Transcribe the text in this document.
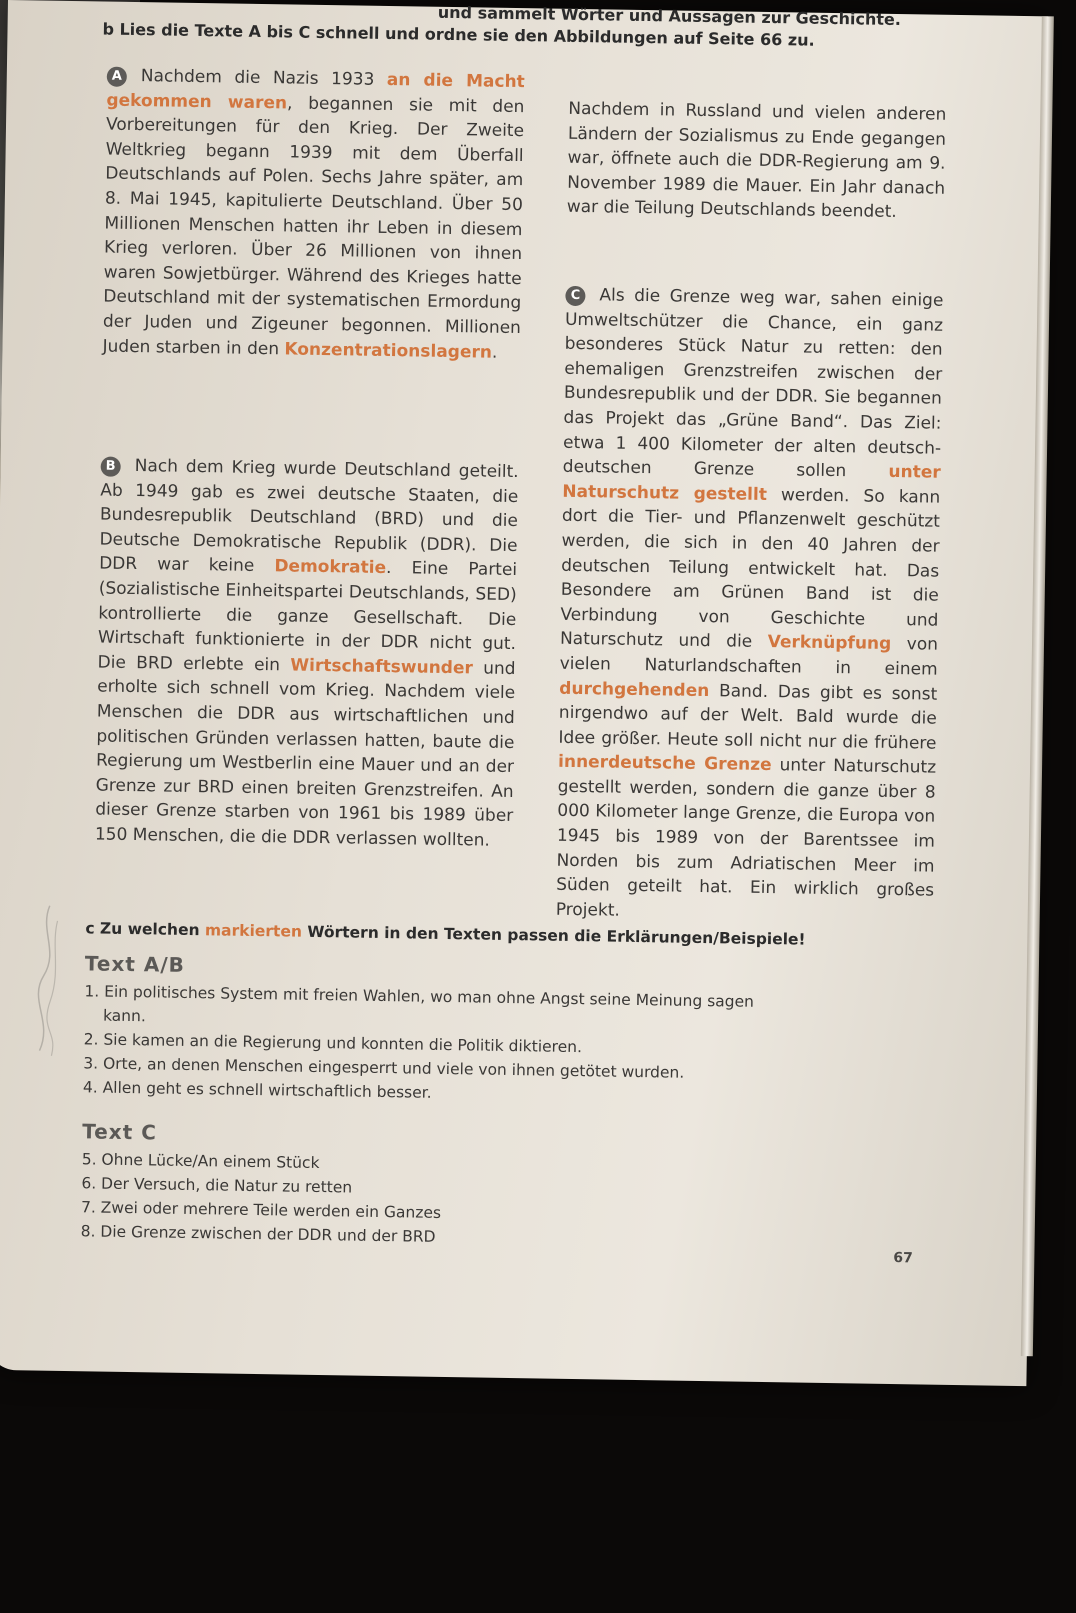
und sammelt Wörter und Aussagen zur Geschichte.
b Lies die Texte A bis C schnell und ordne sie den Abbildungen auf Seite 66 zu.

A Nachdem die Nazis 1933 an die Macht gekommen waren, begannen sie mit den Vorbereitungen für den Krieg. Der Zweite Weltkrieg begann 1939 mit dem Überfall Deutschlands auf Polen. Sechs Jahre später, am 8. Mai 1945, kapitulierte Deutschland. Über 50 Millionen Menschen hatten ihr Leben in diesem Krieg verloren. Über 26 Millionen von ihnen waren Sowjetbürger. Während des Krieges hatte Deutschland mit der systematischen Ermordung der Juden und Zigeuner begonnen. Millionen Juden starben in den Konzentrationslagern.

Nachdem in Russland und vielen anderen Ländern der Sozialismus zu Ende gegangen war, öffnete auch die DDR-Regierung am 9. November 1989 die Mauer. Ein Jahr danach war die Teilung Deutschlands beendet.

B Nach dem Krieg wurde Deutschland geteilt. Ab 1949 gab es zwei deutsche Staaten, die Bundesrepublik Deutschland (BRD) und die Deutsche Demokratische Republik (DDR). Die DDR war keine Demokratie. Eine Partei (Sozialistische Einheitspartei Deutschlands, SED) kontrollierte die ganze Gesellschaft. Die Wirtschaft funktionierte in der DDR nicht gut. Die BRD erlebte ein Wirtschaftswunder und erholte sich schnell vom Krieg. Nachdem viele Menschen die DDR aus wirtschaftlichen und politischen Gründen verlassen hatten, baute die Regierung um Westberlin eine Mauer und an der Grenze zur BRD einen breiten Grenzstreifen. An dieser Grenze starben von 1961 bis 1989 über 150 Menschen, die die DDR verlassen wollten.

C Als die Grenze weg war, sahen einige Umweltschützer die Chance, ein ganz besonderes Stück Natur zu retten: den ehemaligen Grenzstreifen zwischen der Bundesrepublik und der DDR. Sie begannen das Projekt das „Grüne Band“. Das Ziel: etwa 1 400 Kilometer der alten deutsch-deutschen Grenze sollen unter Naturschutz gestellt werden. So kann dort die Tier- und Pflanzenwelt geschützt werden, die sich in den 40 Jahren der deutschen Teilung entwickelt hat. Das Besondere am Grünen Band ist die Verbindung von Geschichte und Naturschutz und die Verknüpfung von vielen Naturlandschaften in einem durchgehenden Band. Das gibt es sonst nirgendwo auf der Welt. Bald wurde die Idee größer. Heute soll nicht nur die frühere innerdeutsche Grenze unter Naturschutz gestellt werden, sondern die ganze über 8 000 Kilometer lange Grenze, die Europa von 1945 bis 1989 von der Barentssee im Norden bis zum Adriatischen Meer im Süden geteilt hat. Ein wirklich großes Projekt.

c Zu welchen markierten Wörtern in den Texten passen die Erklärungen/Beispiele!
Text A/B
1. Ein politisches System mit freien Wahlen, wo man ohne Angst seine Meinung sagen
kann.
2. Sie kamen an die Regierung und konnten die Politik diktieren.
3. Orte, an denen Menschen eingesperrt und viele von ihnen getötet wurden.
4. Allen geht es schnell wirtschaftlich besser.
Text C
5. Ohne Lücke/An einem Stück
6. Der Versuch, die Natur zu retten
7. Zwei oder mehrere Teile werden ein Ganzes
8. Die Grenze zwischen der DDR und der BRD
67
